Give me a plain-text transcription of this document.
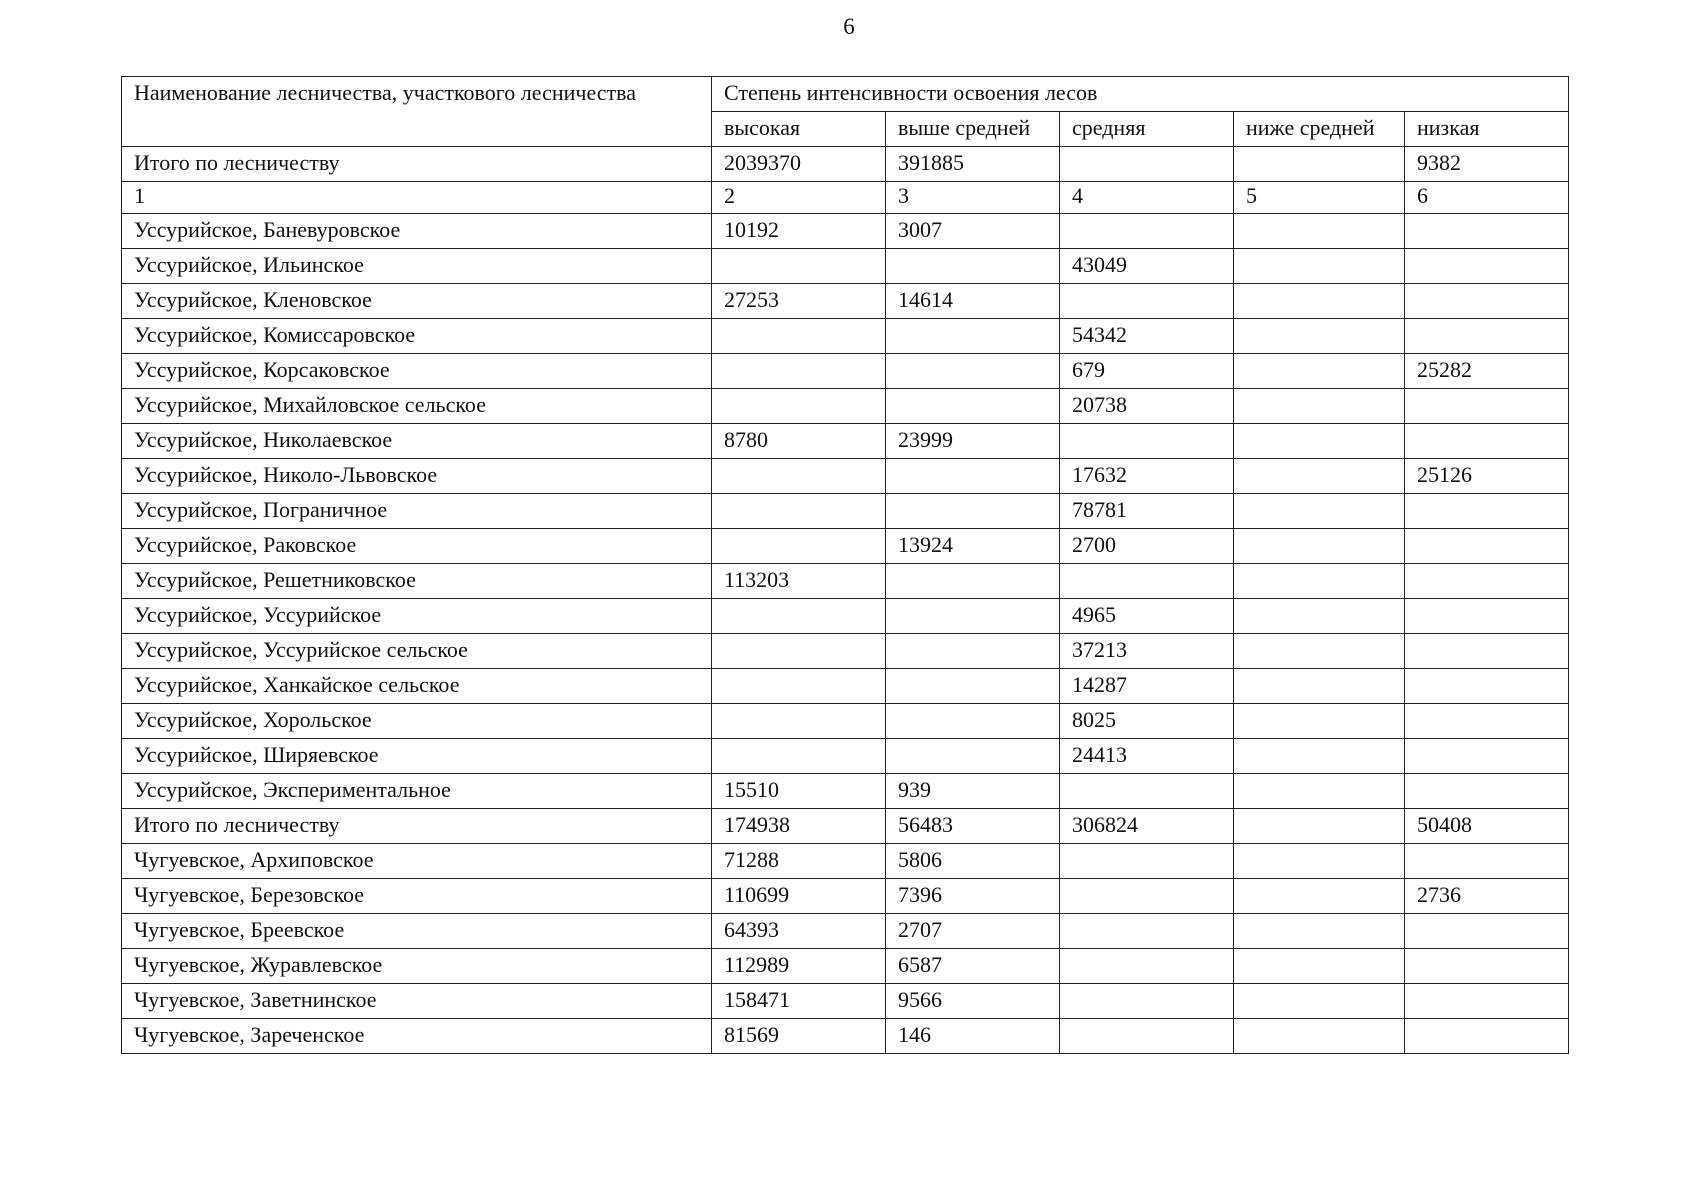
6
Наименование лесничества, участкового лесничества	Степень интенсивности освоения лесов				
	высокая	выше средней	средняя	ниже средней	низкая
Итого по лесничеству	2039370	391885			9382
1	2	3	4	5	6
Уссурийское, Баневуровское	10192	3007			
Уссурийское, Ильинское			43049		
Уссурийское, Кленовское	27253	14614			
Уссурийское, Комиссаровское			54342		
Уссурийское, Корсаковское			679		25282
Уссурийское, Михайловское сельское			20738		
Уссурийское, Николаевское	8780	23999			
Уссурийское, Николо-Львовское			17632		25126
Уссурийское, Пограничное			78781		
Уссурийское, Раковское		13924	2700		
Уссурийское, Решетниковское	113203				
Уссурийское, Уссурийское			4965		
Уссурийское, Уссурийское сельское			37213		
Уссурийское, Ханкайское сельское			14287		
Уссурийское, Хорольское			8025		
Уссурийское, Ширяевское			24413		
Уссурийское, Экспериментальное	15510	939			
Итого по лесничеству	174938	56483	306824		50408
Чугуевское, Архиповское	71288	5806			
Чугуевское, Березовское	110699	7396			2736
Чугуевское, Бреевское	64393	2707			
Чугуевское, Журавлевское	112989	6587			
Чугуевское, Заветнинское	158471	9566			
Чугуевское, Зареченское	81569	146			
